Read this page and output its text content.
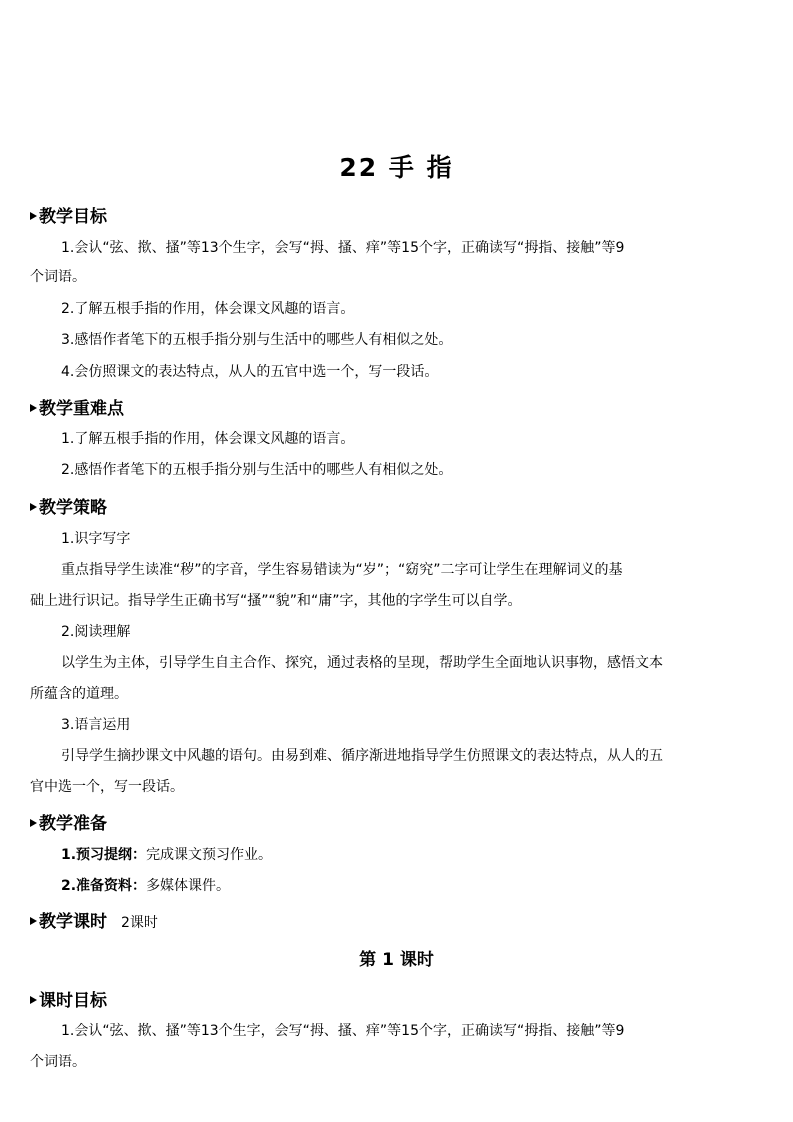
22 手 指
教学目标
1.会认“弦、揿、搔”等13个生字，会写“拇、搔、痒”等15个字，正确读写“拇指、接触”等9
个词语。
2.了解五根手指的作用，体会课文风趣的语言。
3.感悟作者笔下的五根手指分别与生活中的哪些人有相似之处。
4.会仿照课文的表达特点，从人的五官中选一个，写一段话。
教学重难点
1.了解五根手指的作用，体会课文风趣的语言。
2.感悟作者笔下的五根手指分别与生活中的哪些人有相似之处。
教学策略
1.识字写字
重点指导学生读准“秽”的字音，学生容易错读为“岁”；“窈究”二字可让学生在理解词义的基
础上进行识记。指导学生正确书写“搔”“貌”和“庸”字，其他的字学生可以自学。
2.阅读理解
以学生为主体，引导学生自主合作、探究，通过表格的呈现，帮助学生全面地认识事物，感悟文本
所蕴含的道理。
3.语言运用
引导学生摘抄课文中风趣的语句。由易到难、循序渐进地指导学生仿照课文的表达特点，从人的五
官中选一个，写一段话。
教学准备
1.预习提纲：完成课文预习作业。
2.准备资料：多媒体课件。
教学课时 2课时
第 1 课时
课时目标
1.会认“弦、揿、搔”等13个生字，会写“拇、搔、痒”等15个字，正确读写“拇指、接触”等9
个词语。
